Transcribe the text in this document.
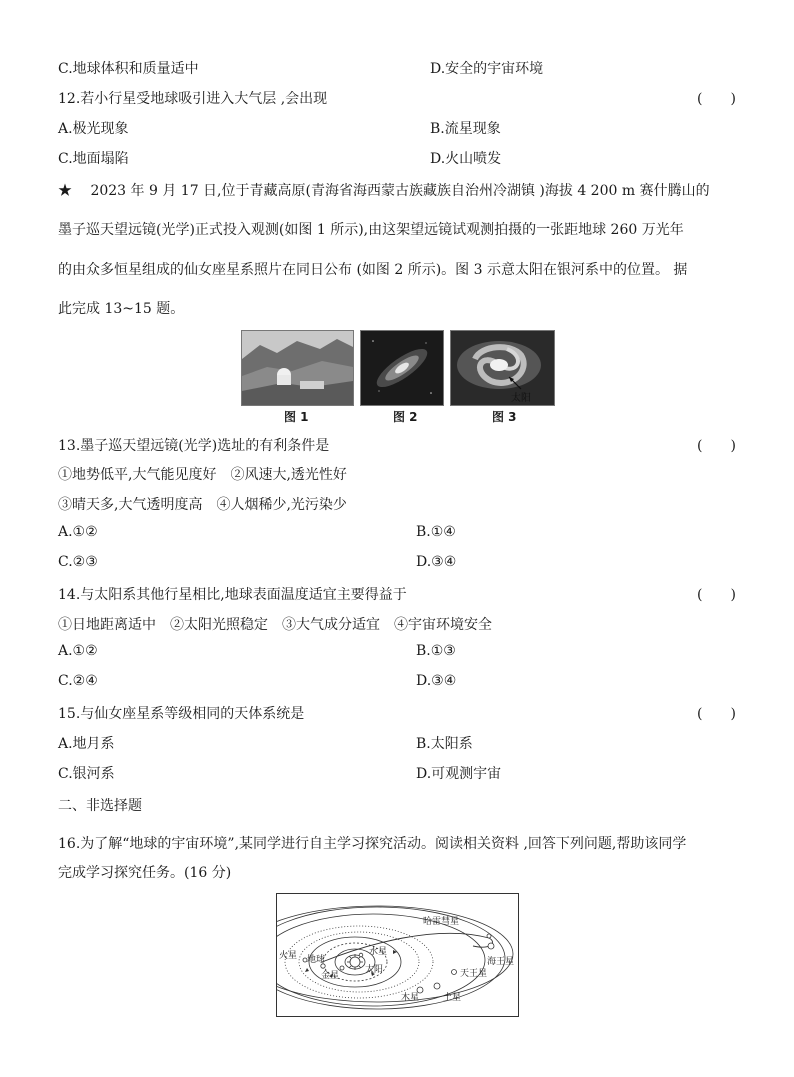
C.地球体积和质量适中	D.安全的宇宙环境
12.若小行星受地球吸引进入大气层 ,会出现	(　　)
A.极光现象	B.流星现象
C.地面塌陷	D.火山喷发
★ 　2023 年 9 月 17 日,位于青藏高原(青海省海西蒙古族藏族自治州冷湖镇 )海拔 4 200 m 赛什腾山的
墨子巡天望远镜(光学)正式投入观测(如图 1 所示),由这架望远镜试观测拍摄的一张距地球 260 万光年
的由众多恒星组成的仙女座星系照片在同日公布 (如图 2 所示)。图 3 示意太阳在银河系中的位置。 据
此完成 13~15 题。
图 1	图 2
太阳
图 3
13.墨子巡天望远镜(光学)选址的有利条件是	(　　)
①地势低平,大气能见度好　②风速大,透光性好
③晴天多,大气透明度高　④人烟稀少,光污染少
A.①②	B.①④
C.②③	D.③④
14.与太阳系其他行星相比,地球表面温度适宜主要得益于	(　　)
①日地距离适中　②太阳光照稳定　③大气成分适宜　④宇宙环境安全
A.①②	B.①③
C.②④	D.③④
15.与仙女座星系等级相同的天体系统是	(　　)
A.地月系	B.太阳系
C.银河系	D.可观测宇宙
二、非选择题
16.为了解“地球的宇宙环境”,某同学进行自主学习探究活动。阅读相关资料 ,回答下列问题,帮助该同学
完成学习探究任务。(16 分)
哈雷彗星
水星
火星 地球
金星
太阳	天王星
海王星
木星	土星
